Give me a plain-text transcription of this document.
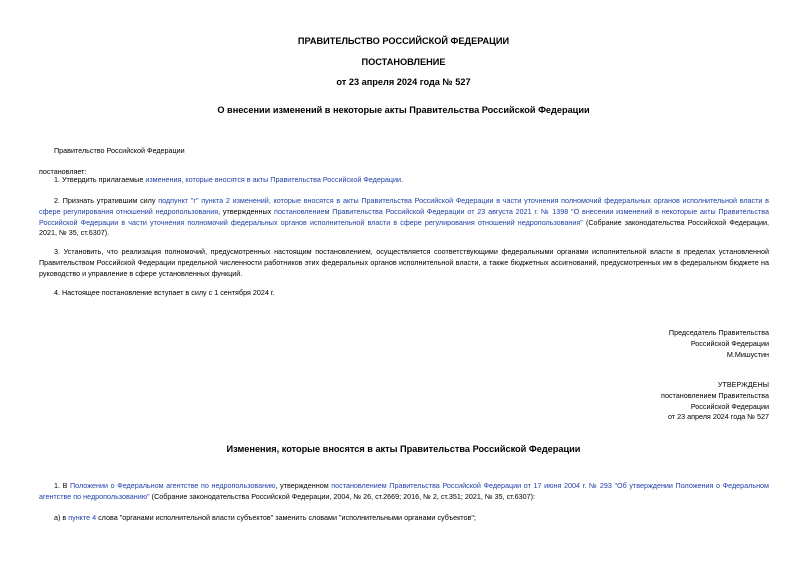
ПРАВИТЕЛЬСТВО РОССИЙСКОЙ ФЕДЕРАЦИИ
ПОСТАНОВЛЕНИЕ
от 23 апреля 2024 года № 527
О внесении изменений в некоторые акты Правительства Российской Федерации
Правительство Российской Федерации
постановляет:
1. Утвердить прилагаемые изменения, которые вносятся в акты Правительства Российской Федерации.
2. Признать утратившим силу подпункт "г" пункта 2 изменений, которые вносятся в акты Правительства Российской Федерации в части уточнения полномочий федеральных органов исполнительной власти в сфере регулирования отношений недропользования, утвержденных постановлением Правительства Российской Федерации от 23 августа 2021 г. № 1398 "О внесении изменений в некоторые акты Правительства Российской Федерации в части уточнения полномочий федеральных органов исполнительной власти в сфере регулирования отношений недропользования" (Собрание законодательства Российской Федерации, 2021, № 35, ст.6307).
3. Установить, что реализация полномочий, предусмотренных настоящим постановлением, осуществляется соответствующими федеральными органами исполнительной власти в пределах установленной Правительством Российской Федерации предельной численности работников этих федеральных органов исполнительной власти, а также бюджетных ассигнований, предусмотренных им в федеральном бюджете на руководство и управление в сфере установленных функций.
4. Настоящее постановление вступает в силу с 1 сентября 2024 г.
Председатель Правительства
Российской Федерации
М.Мишустин
УТВЕРЖДЕНЫ
постановлением Правительства
Российской Федерации
от 23 апреля 2024 года № 527
Изменения, которые вносятся в акты Правительства Российской Федерации
1. В Положении о Федеральном агентстве по недропользованию, утвержденном постановлением Правительства Российской Федерации от 17 июня 2004 г. № 293 "Об утверждении Положения о Федеральном агентстве по недропользованию" (Собрание законодательства Российской Федерации, 2004, № 26, ст.2669; 2016, № 2, ст.351; 2021, № 35, ст.6307):
а) в пункте 4 слова "органами исполнительной власти субъектов" заменить словами "исполнительными органами субъектов";
